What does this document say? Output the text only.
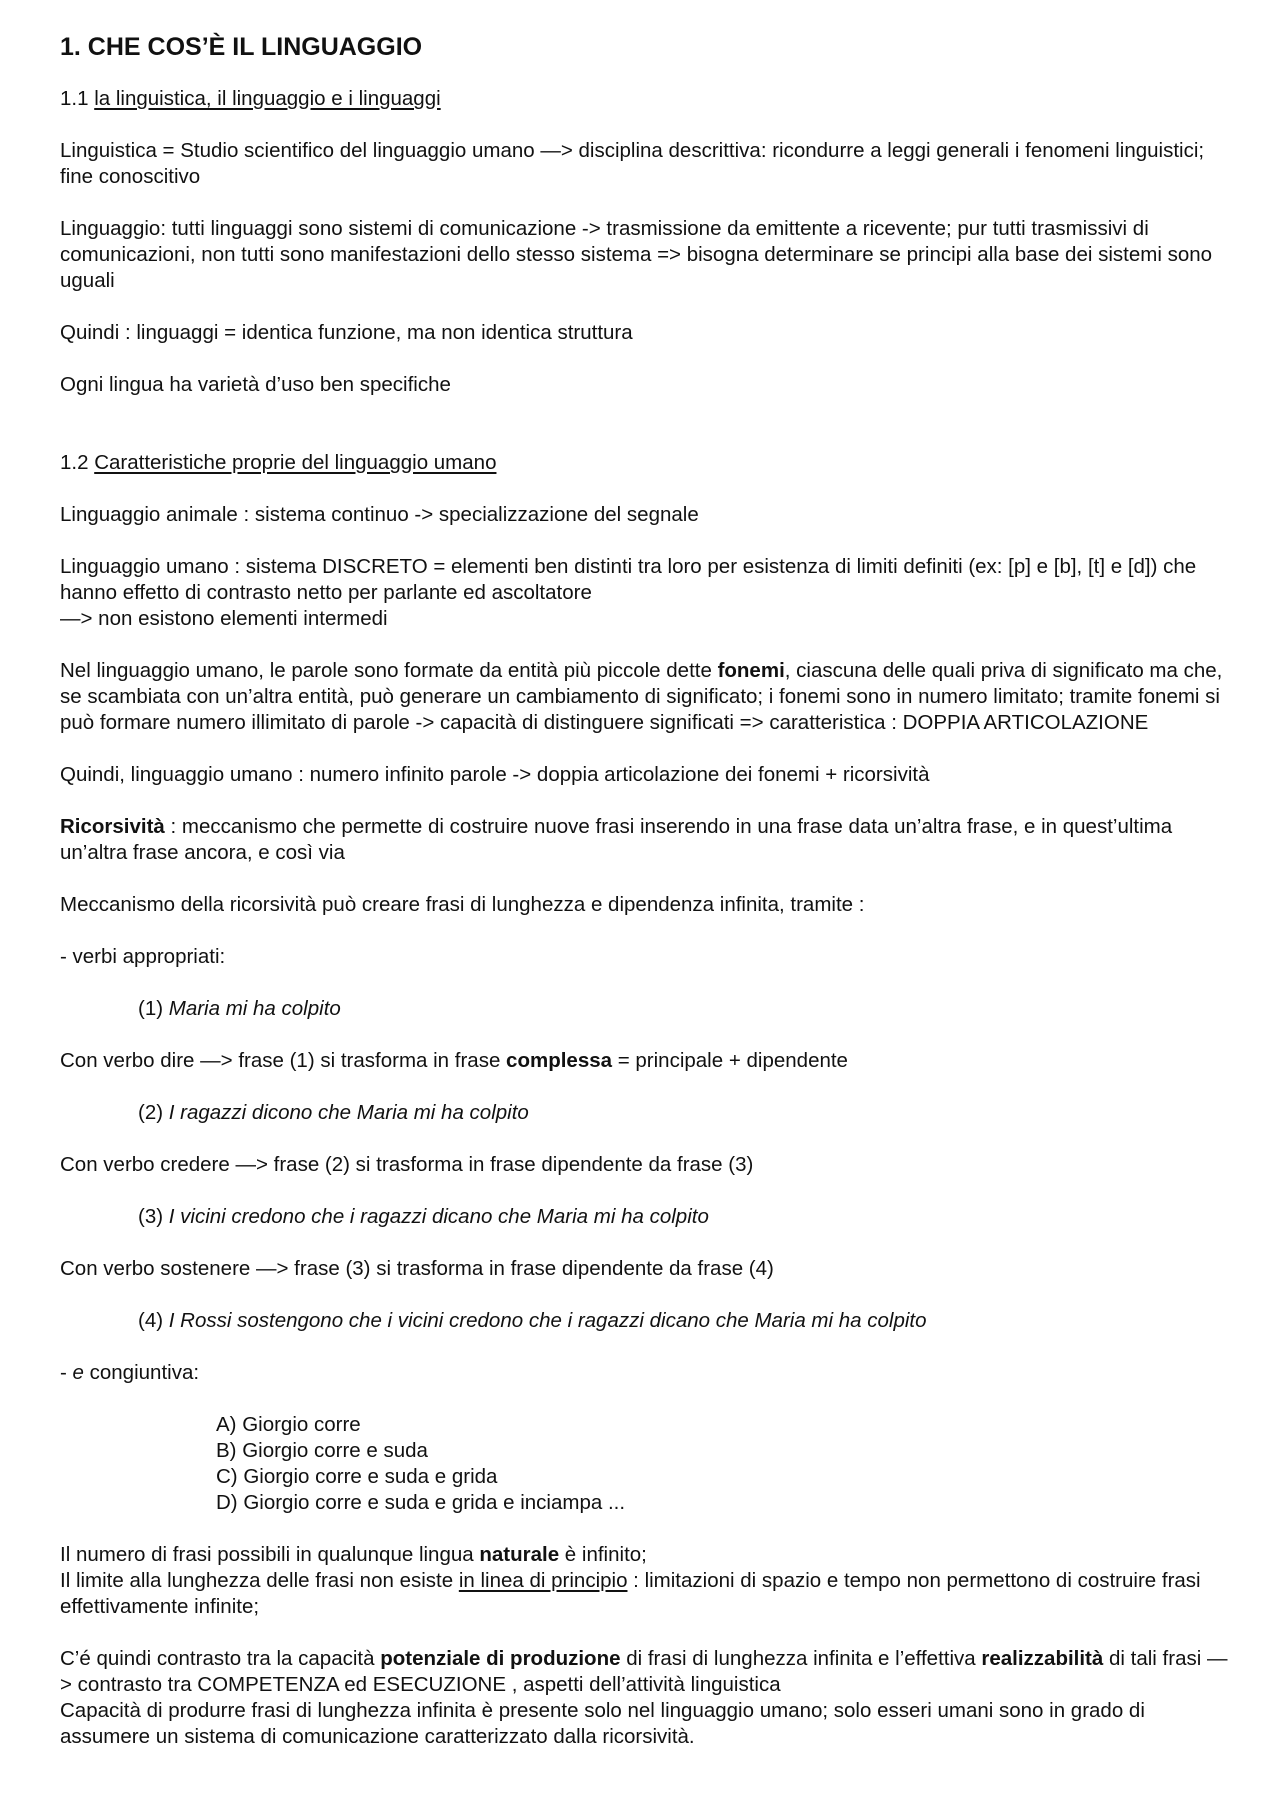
1. CHE COS’È IL LINGUAGGIO

1.1 la linguistica, il linguaggio e i linguaggi

Linguistica = Studio scientifico del linguaggio umano —> disciplina descrittiva: ricondurre a leggi generali i fenomeni linguistici; fine conoscitivo

Linguaggio: tutti linguaggi sono sistemi di comunicazione -> trasmissione da emittente a ricevente; pur tutti trasmissivi di comunicazioni, non tutti sono manifestazioni dello stesso sistema => bisogna determinare se principi alla base dei sistemi sono uguali

Quindi : linguaggi = identica funzione, ma non identica struttura

Ogni lingua ha varietà d’uso ben specifiche

1.2 Caratteristiche proprie del linguaggio umano

Linguaggio animale : sistema continuo -> specializzazione del segnale

Linguaggio umano : sistema DISCRETO = elementi ben distinti tra loro per esistenza di limiti definiti (ex: [p] e [b], [t] e [d]) che hanno effetto di contrasto netto per parlante ed ascoltatore

—> non esistono elementi intermedi

Nel linguaggio umano, le parole sono formate da entità più piccole dette fonemi, ciascuna delle quali priva di significato ma che, se scambiata con un’altra entità, può generare un cambiamento di significato; i fonemi sono in numero limitato; tramite fonemi si può formare numero illimitato di parole -> capacità di distinguere significati => caratteristica : DOPPIA ARTICOLAZIONE

Quindi, linguaggio umano : numero infinito parole -> doppia articolazione dei fonemi + ricorsività

Ricorsività : meccanismo che permette di costruire nuove frasi inserendo in una frase data un’altra frase, e in quest’ultima un’altra frase ancora, e così via

Meccanismo della ricorsività può creare frasi di lunghezza e dipendenza infinita, tramite :

- verbi appropriati:

(1) Maria mi ha colpito

Con verbo dire —> frase (1) si trasforma in frase complessa = principale + dipendente

(2) I ragazzi dicono che Maria mi ha colpito

Con verbo credere —> frase (2) si trasforma in frase dipendente da frase (3)

(3) I vicini credono che i ragazzi dicano che Maria mi ha colpito

Con verbo sostenere —> frase (3) si trasforma in frase dipendente da frase (4)

(4) I Rossi sostengono che i vicini credono che i ragazzi dicano che Maria mi ha colpito

- e congiuntiva:

A) Giorgio corre

B) Giorgio corre e suda

C) Giorgio corre e suda e grida

D) Giorgio corre e suda e grida e inciampa ...

Il numero di frasi possibili in qualunque lingua naturale è infinito;

Il limite alla lunghezza delle frasi non esiste in linea di principio : limitazioni di spazio e tempo non permettono di costruire frasi effettivamente infinite;

C’é quindi contrasto tra la capacità potenziale di produzione di frasi di lunghezza infinita e l’effettiva realizzabilità di tali frasi —> contrasto tra COMPETENZA ed ESECUZIONE , aspetti dell’attività linguistica

Capacità di produrre frasi di lunghezza infinita è presente solo nel linguaggio umano; solo esseri umani sono in grado di assumere un sistema di comunicazione caratterizzato dalla ricorsività.
